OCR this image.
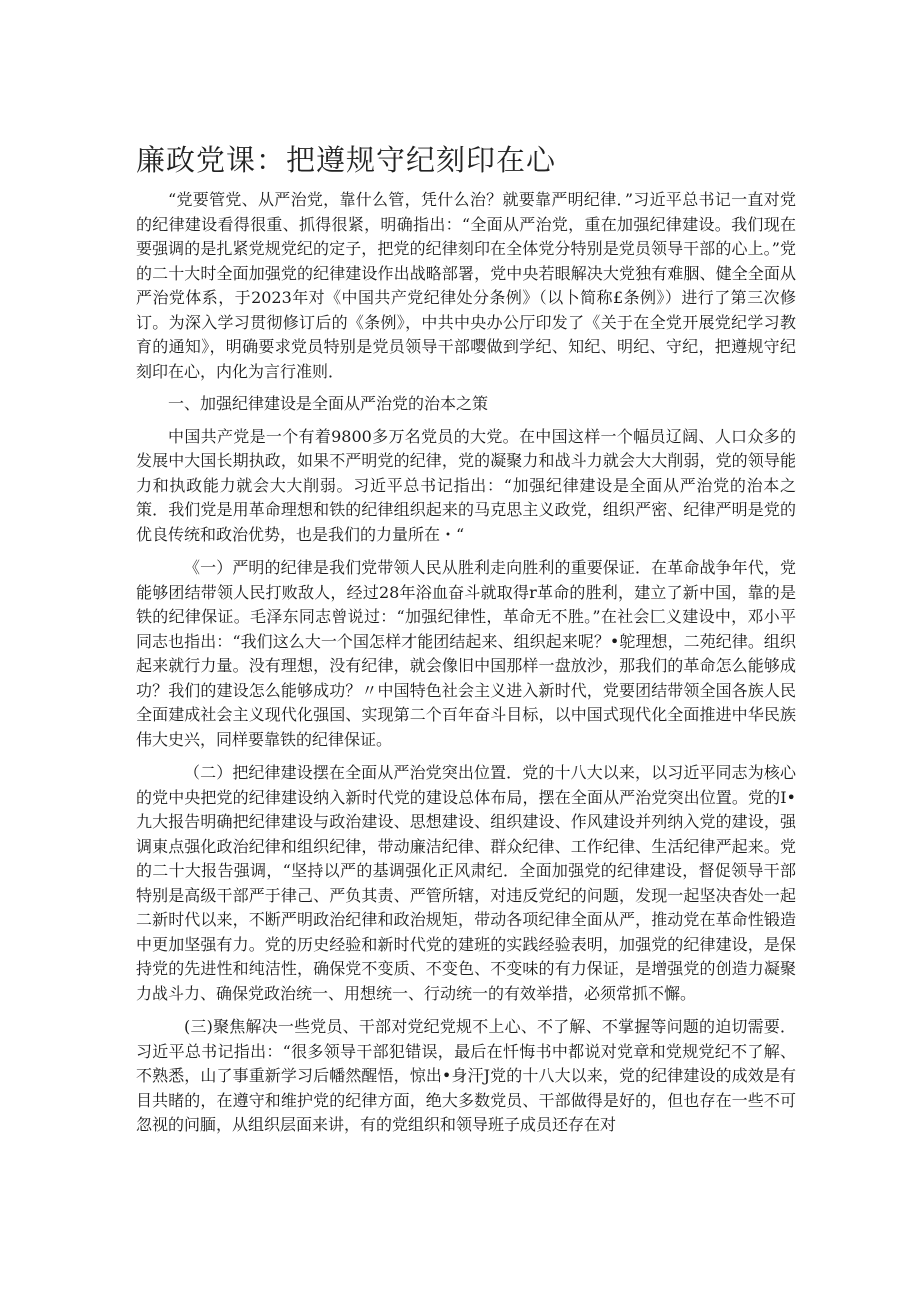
廉政党课：把遵规守纪刻印在心

“党要管党、从严治党，靠什么管，凭什么治？就要靠严明纪律．”习近平总书记一直对党的纪律建设看得很重、抓得很紧，明确指出：“全面从严治党，重在加强纪律建设。我们现在要强调的是扎紧党规党纪的定子，把党的纪律刻印在全体党分特别是党员领导干部的心上。”党的二十大时全面加强党的纪律建设作出战略部署，党中央若眼解决大党独有难胭、健全全面从严治党体系，于2023年对《中国共产党纪律处分条例》（以卜简称£条例》）进行了第三次修订。为深入学习贯彻修订后的《条例》，中共中央办公厅印发了《关于在全党开展党纪学习教育的通知》，明确要求党员特别是党员领导干部嘤做到学纪、知纪、明纪、守纪，把遵规守纪刻印在心，内化为言行准则．

一、加强纪律建设是全面从严治党的治本之策

中国共产党是一个有着9800多万名党员的大党。在中国这样一个幅员辽阔、人口众多的发展中大国长期执政，如果不严明党的纪律，党的凝聚力和战斗力就会大大削弱，党的领导能力和执政能力就会大大削弱。习近平总书记指出：“加强纪律建设是全面从严治党的治本之策．我们党是用革命理想和铁的纪律组织起来的马克思主义政党，组织严密、纪律严明是党的优良传统和政治优势，也是我们的力量所在・“

《一）严明的纪律是我们党带领人民从胜利走向胜利的重要保证．在革命战争年代，党能够团结带领人民打败敌人，经过28年浴血奋斗就取得r革命的胜利，建立了新中国，靠的是铁的纪律保证。毛泽东同志曾说过：“加强纪律性，革命无不胜。”在社会匚义建设中，邓小平同志也指出：“我们这么大一个国怎样才能团结起来、组织起来呢？•鸵理想，二苑纪律。组织起来就行力量。没有理想，没有纪律，就会像旧中国那样一盘放沙，那我们的革命怎么能够成功？我们的建设怎么能够成功？〃中国特色社会主义进入新时代，党要团结带领全国各族人民全面建成社会主义现代化强国、实现第二个百年奋斗目标，以中国式现代化全面推进中华民族伟大史兴，同样要靠铁的纪律保证。

（二）把纪律建设摆在全面从严治党突出位置．党的十八大以来，以习近平同志为核心的党中央把党的纪律建设纳入新时代党的建设总体布局，摆在全面从严治党突出位置。党的I•九大报告明确把纪律建设与政治建设、思想建设、组织建设、作风建设并列纳入党的建设，强调東点强化政治纪律和组织纪律，带动廉洁纪律、群众纪律、工作纪律、生活纪律严起来。党的二十大报告强调，“坚持以严的基调强化正风肃纪．全面加强党的纪律建设，督促领导干部特别是高级干部严于律己、严负其责、严管所辖，对违反党纪的问题，发现一起坚决杳处一起二新时代以来，不断严明政治纪律和政治规矩，带动各项纪律全面从严，推动党在革命性锻造中更加坚强有力。党的历史经验和新时代党的建班的实践经验表明，加强党的纪律建设，是保持党的先进性和纯洁性，确保党不变质、不变色、不变味的有力保证，是增强党的创造力凝聚力战斗力、确保党政治统一、用想统一、行动统一的有效举措，必须常抓不懈。

(三)聚焦解决一些党员、干部对党纪党规不上心、不了解、不掌握等问题的迫切需要．习近平总书记指出：“很多领导干部犯错误，最后在忏悔书中都说对党章和党规党纪不了解、不熟悉，山了事重新学习后幡然醒悟，惊出•身汗J党的十八大以来，党的纪律建设的成效是有目共睹的，在遵守和维护党的纪律方面，绝大多数党员、干部做得是好的，但也存在一些不可忽视的问腼，从组织层面来讲，有的党组织和领导班子成员还存在对
